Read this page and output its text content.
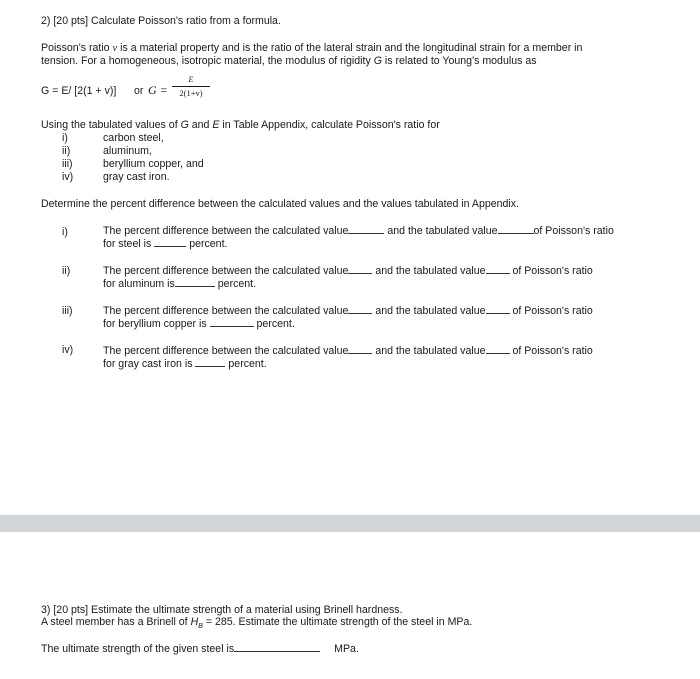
2) [20 pts] Calculate Poisson's ratio from a formula.
Poisson's ratio v is a material property and is the ratio of the lateral strain and the longitudinal strain for a member in
tension. For a homogeneous, isotropic material, the modulus of rigidity G is related to Young's modulus as
G = E/ [2(1 + v)] or G =
E
2(1+v)
Using the tabulated values of G and E in Table Appendix, calculate Poisson's ratio for
i)	carbon steel,
ii)	aluminum,
iii)	beryllium copper, and
iv)	gray cast iron.
Determine the percent difference between the calculated values and the values tabulated in Appendix.
i)	The percent difference between the calculated value	and the tabulated value	of Poisson's ratio
for steel is	percent.
ii)	The percent difference between the calculated value	and the tabulated value	of Poisson's ratio
for aluminum is	percent.
iii)	The percent difference between the calculated value	and the tabulated value	of Poisson's ratio
for beryllium copper is	percent.
iv)	The percent difference between the calculated value	and the tabulated value	of Poisson's ratio
for gray cast iron is	percent.
3) [20 pts] Estimate the ultimate strength of a material using Brinell hardness.
A steel member has a Brinell of $H_B = 285$. Estimate the ultimate strength of the steel in MPa.
The ultimate strength of the given steel is	MPa.
